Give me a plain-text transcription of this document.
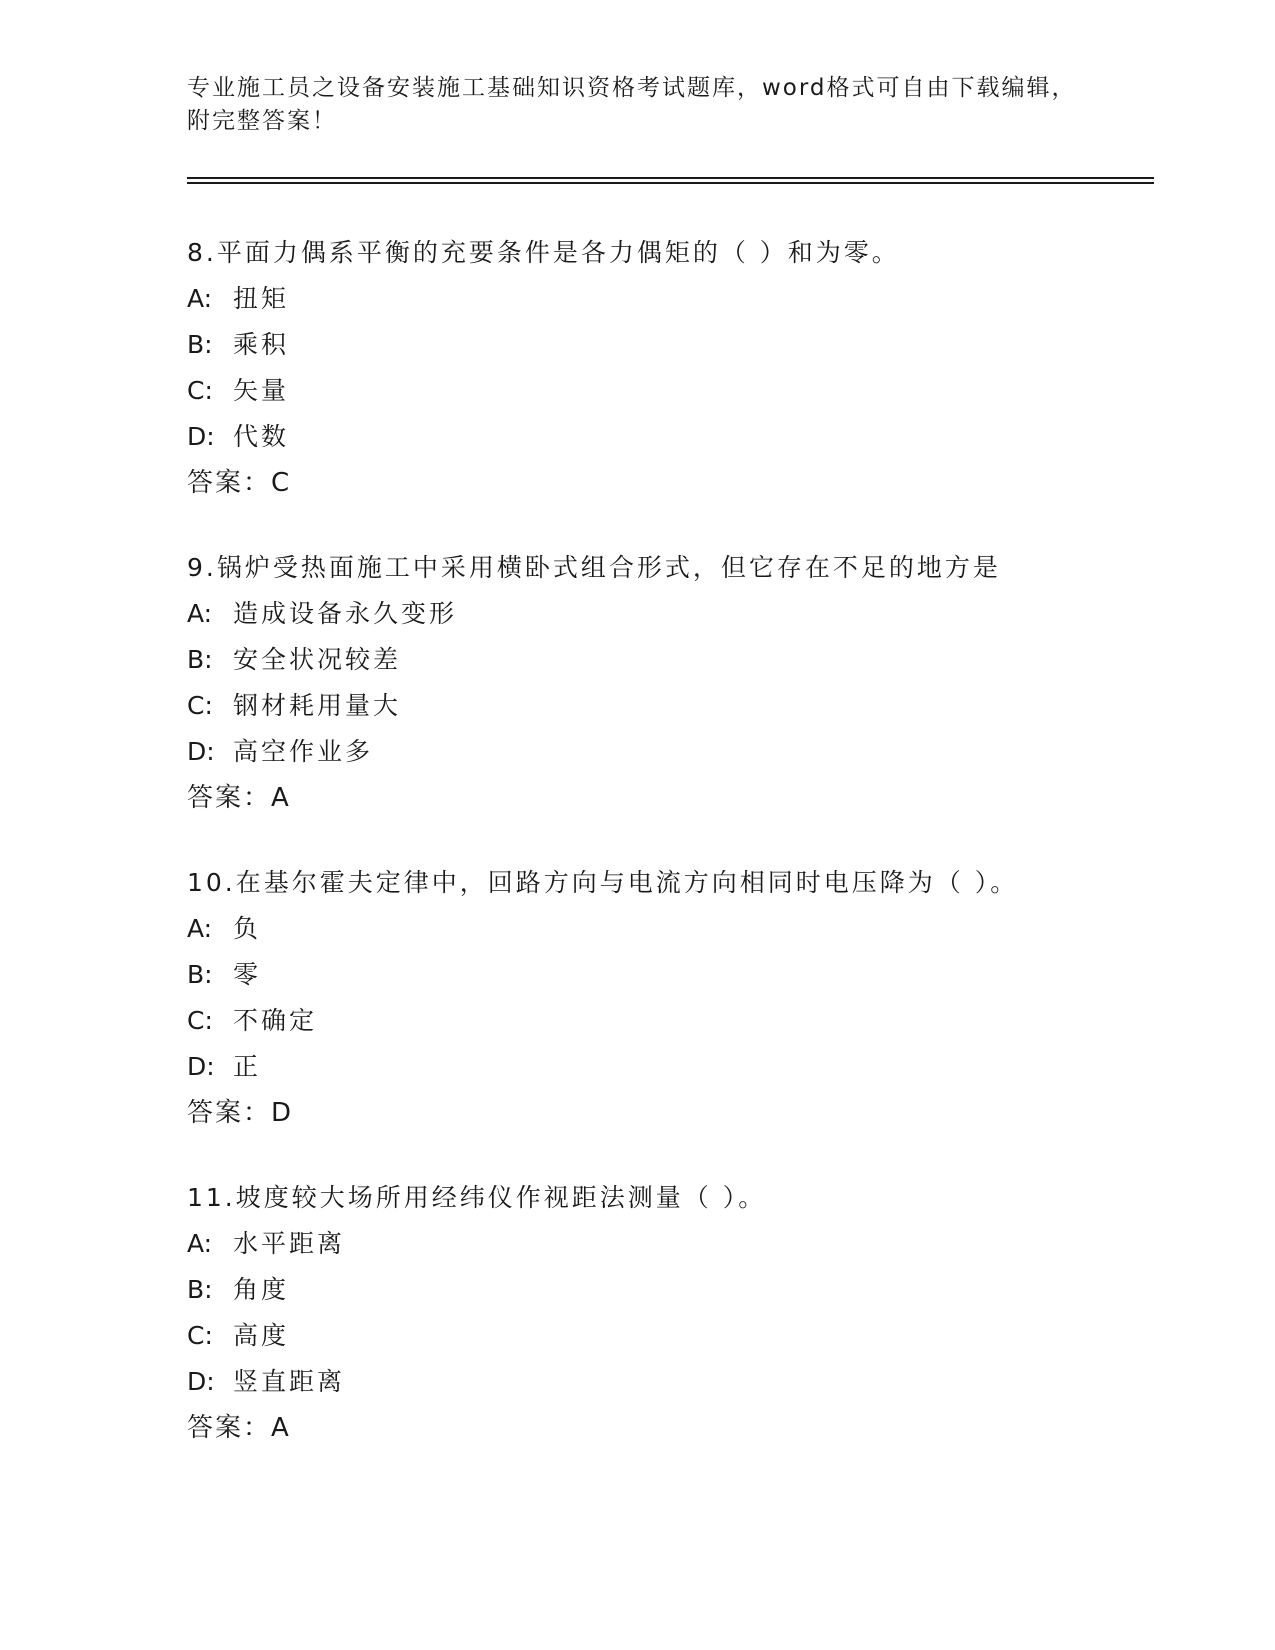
专业施工员之设备安装施工基础知识资格考试题库，word格式可自由下载编辑，
附完整答案！
8.平面力偶系平衡的充要条件是各力偶矩的（ ）和为零。
A: 扭矩
B: 乘积
C: 矢量
D: 代数
答案：C
9.锅炉受热面施工中采用横卧式组合形式，但它存在不足的地方是
A: 造成设备永久变形
B: 安全状况较差
C: 钢材耗用量大
D: 高空作业多
答案：A
10.在基尔霍夫定律中，回路方向与电流方向相同时电压降为（ ）。
A: 负
B: 零
C: 不确定
D: 正
答案：D
11.坡度较大场所用经纬仪作视距法测量（ ）。
A: 水平距离
B: 角度
C: 高度
D: 竖直距离
答案：A
